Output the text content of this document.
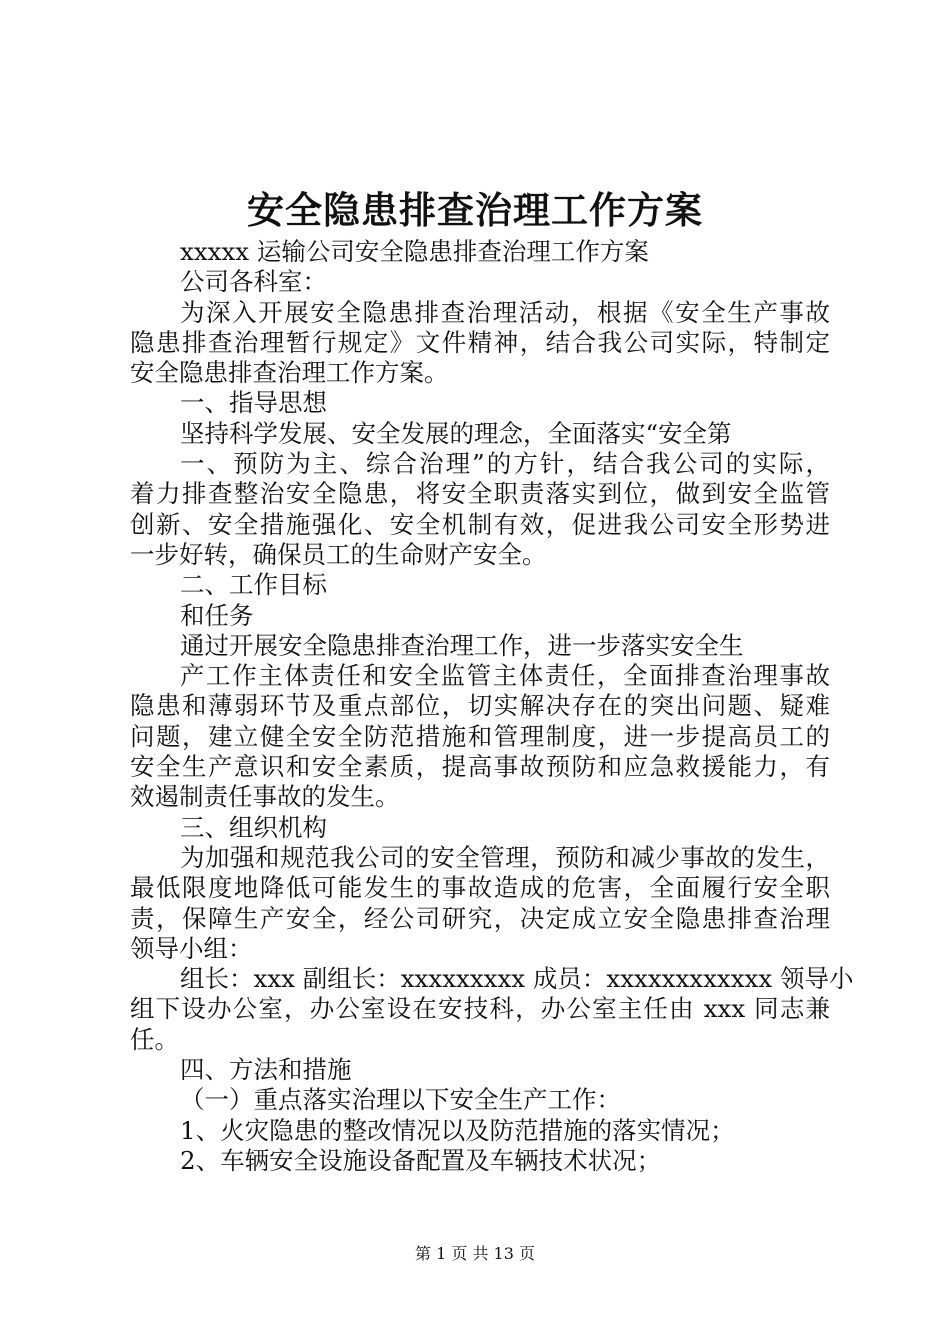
安全隐患排查治理工作方案
xxxxx 运输公司安全隐患排查治理工作方案
公司各科室：
为深入开展安全隐患排查治理活动，根据《安全生产事故
隐患排查治理暂行规定》文件精神，结合我公司实际，特制定
安全隐患排查治理工作方案。
一、指导思想
坚持科学发展、安全发展的理念，全面落实“安全第
一、预防为主、综合治理”的方针，结合我公司的实际，
着力排查整治安全隐患，将安全职责落实到位，做到安全监管
创新、安全措施强化、安全机制有效，促进我公司安全形势进
一步好转，确保员工的生命财产安全。
二、工作目标
和任务
通过开展安全隐患排查治理工作，进一步落实安全生
产工作主体责任和安全监管主体责任，全面排查治理事故
隐患和薄弱环节及重点部位，切实解决存在的突出问题、疑难
问题，建立健全安全防范措施和管理制度，进一步提高员工的
安全生产意识和安全素质，提高事故预防和应急救援能力，有
效遏制责任事故的发生。
三、组织机构
为加强和规范我公司的安全管理，预防和减少事故的发生，
最低限度地降低可能发生的事故造成的危害，全面履行安全职
责，保障生产安全，经公司研究，决定成立安全隐患排查治理
领导小组：
组长：xxx 副组长：xxxxxxxxx 成员：xxxxxxxxxxxx 领导小
组下设办公室，办公室设在安技科，办公室主任由 xxx 同志兼
任。
四、方法和措施
（一）重点落实治理以下安全生产工作：
1、火灾隐患的整改情况以及防范措施的落实情况；
2、车辆安全设施设备配置及车辆技术状况；
第 1 页 共 13 页
